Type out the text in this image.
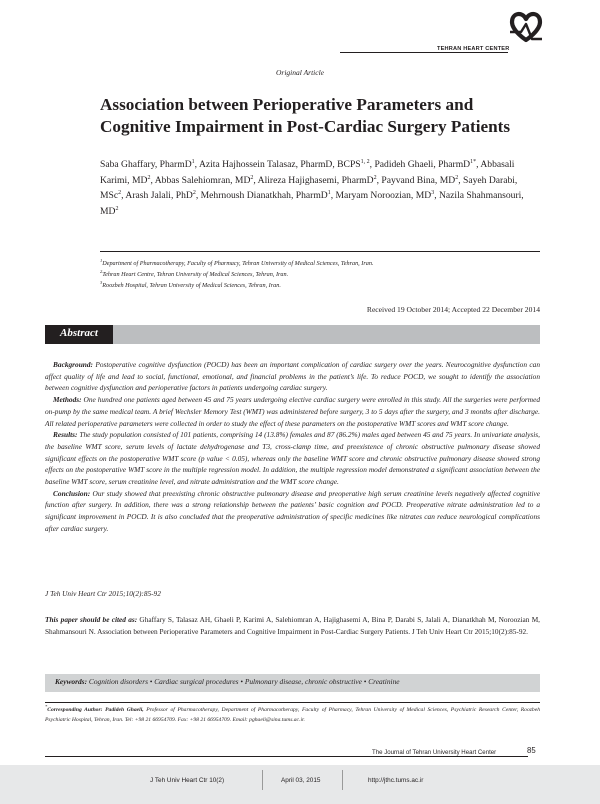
TEHRAN HEART CENTER
Original Article
Association between Perioperative Parameters and
Cognitive Impairment in Post-Cardiac Surgery Patients
Saba Ghaffary, PharmD$^1$, Azita Hajhossein Talasaz, PharmD, BCPS$^{1, 2}$, Padideh Ghaeli, PharmD$^{1*}$, Abbasali Karimi, $MD^2$, Abbas Salehiomran, $MD^2$, Alireza Hajighasemi, PharmD$^2$, Payvand Bina, $MD^2$, Sayeh Darabi, MSc$^2$, Arash Jalali, PhD$^2$, Mehrnoush Dianatkhah, PharmD$^1$, Maryam Noroozian, $MD^3$, Nazila Shahmansouri, $MD^2$
$^1$Department of Pharmacotherapy, Faculty of Pharmacy, Tehran University of Medical Sciences, Tehran, Iran.
$^2$Tehran Heart Centre, Tehran University of Medical Sciences, Tehran, Iran.
$^3$Roozbeh Hospital, Tehran University of Medical Sciences, Tehran, Iran.
Received 19 October 2014; Accepted 22 December 2014
Abstract

Background: Postoperative cognitive dysfunction (POCD) has been an important complication of cardiac surgery over the years. Neurocognitive dysfunction can affect quality of life and lead to social, functional, emotional, and financial problems in the patient’s life. To reduce POCD, we sought to identify the association between cognitive dysfunction and perioperative factors in patients undergoing cardiac surgery.

Methods: One hundred one patients aged between 45 and 75 years undergoing elective cardiac surgery were enrolled in this study. All the surgeries were performed on-pump by the same medical team. A brief Wechsler Memory Test (WMT) was administered before surgery, 3 to 5 days after the surgery, and 3 months after discharge. All related perioperative parameters were collected in order to study the effect of these parameters on the postoperative WMT scores and WMT score change.

Results: The study population consisted of 101 patients, comprising 14 (13.8%) females and 87 (86.2%) males aged between 45 and 75 years. In univariate analysis, the baseline WMT score, serum levels of lactate dehydrogenase and T3, cross-clamp time, and preexistence of chronic obstructive pulmonary disease showed significant effects on the postoperative WMT score (p value < 0.05), whereas only the baseline WMT score and chronic obstructive pulmonary disease showed strong effects on the postoperative WMT score in the multiple regression model. In addition, the multiple regression model demonstrated a significant association between the baseline WMT score, serum creatinine level, and nitrate administration and the WMT score change.

Conclusion: Our study showed that preexisting chronic obstructive pulmonary disease and preoperative high serum creatinine levels negatively affected cognitive function after surgery. In addition, there was a strong relationship between the patients’ basic cognition and POCD. Preoperative nitrate administration led to a significant improvement in POCD. It is also concluded that the preoperative administration of specific medicines like nitrates can reduce neurological complications after cardiac surgery.

J Teh Univ Heart Ctr 2015;10(2):85-92

This paper should be cited as: Ghaffary S, Talasaz AH, Ghaeli P, Karimi A, Salehiomran A, Hajighasemi A, Bina P, Darabi S, Jalali A, Dianatkhah M, Noroozian M, Shahmansouri N. Association between Perioperative Parameters and Cognitive Impairment in Post-Cardiac Surgery Patients. J Teh Univ Heart Ctr 2015;10(2):85-92.

Keywords: Cognition disorders • Cardiac surgical procedures • Pulmonary disease, chronic obstructive • Creatinine
*Corresponding Author: Padideh Ghaeli, Professor of Pharmacotherapy, Department of Pharmacotherapy, Faculty of Pharmacy, Tehran University of Medical Sciences, Psychiatric Research Center, Roozbeh Psychiatric Hospital, Tehran, Iran. Tel: +98 21 66954709. Fax: +98 21 66954709. Email: pghaeli@sina.tums.ac.ir.
The Journal of Tehran University Heart Center	85
J Teh Univ Heart Ctr 10(2)	April 03, 2015	http://jthc.tums.ac.ir
